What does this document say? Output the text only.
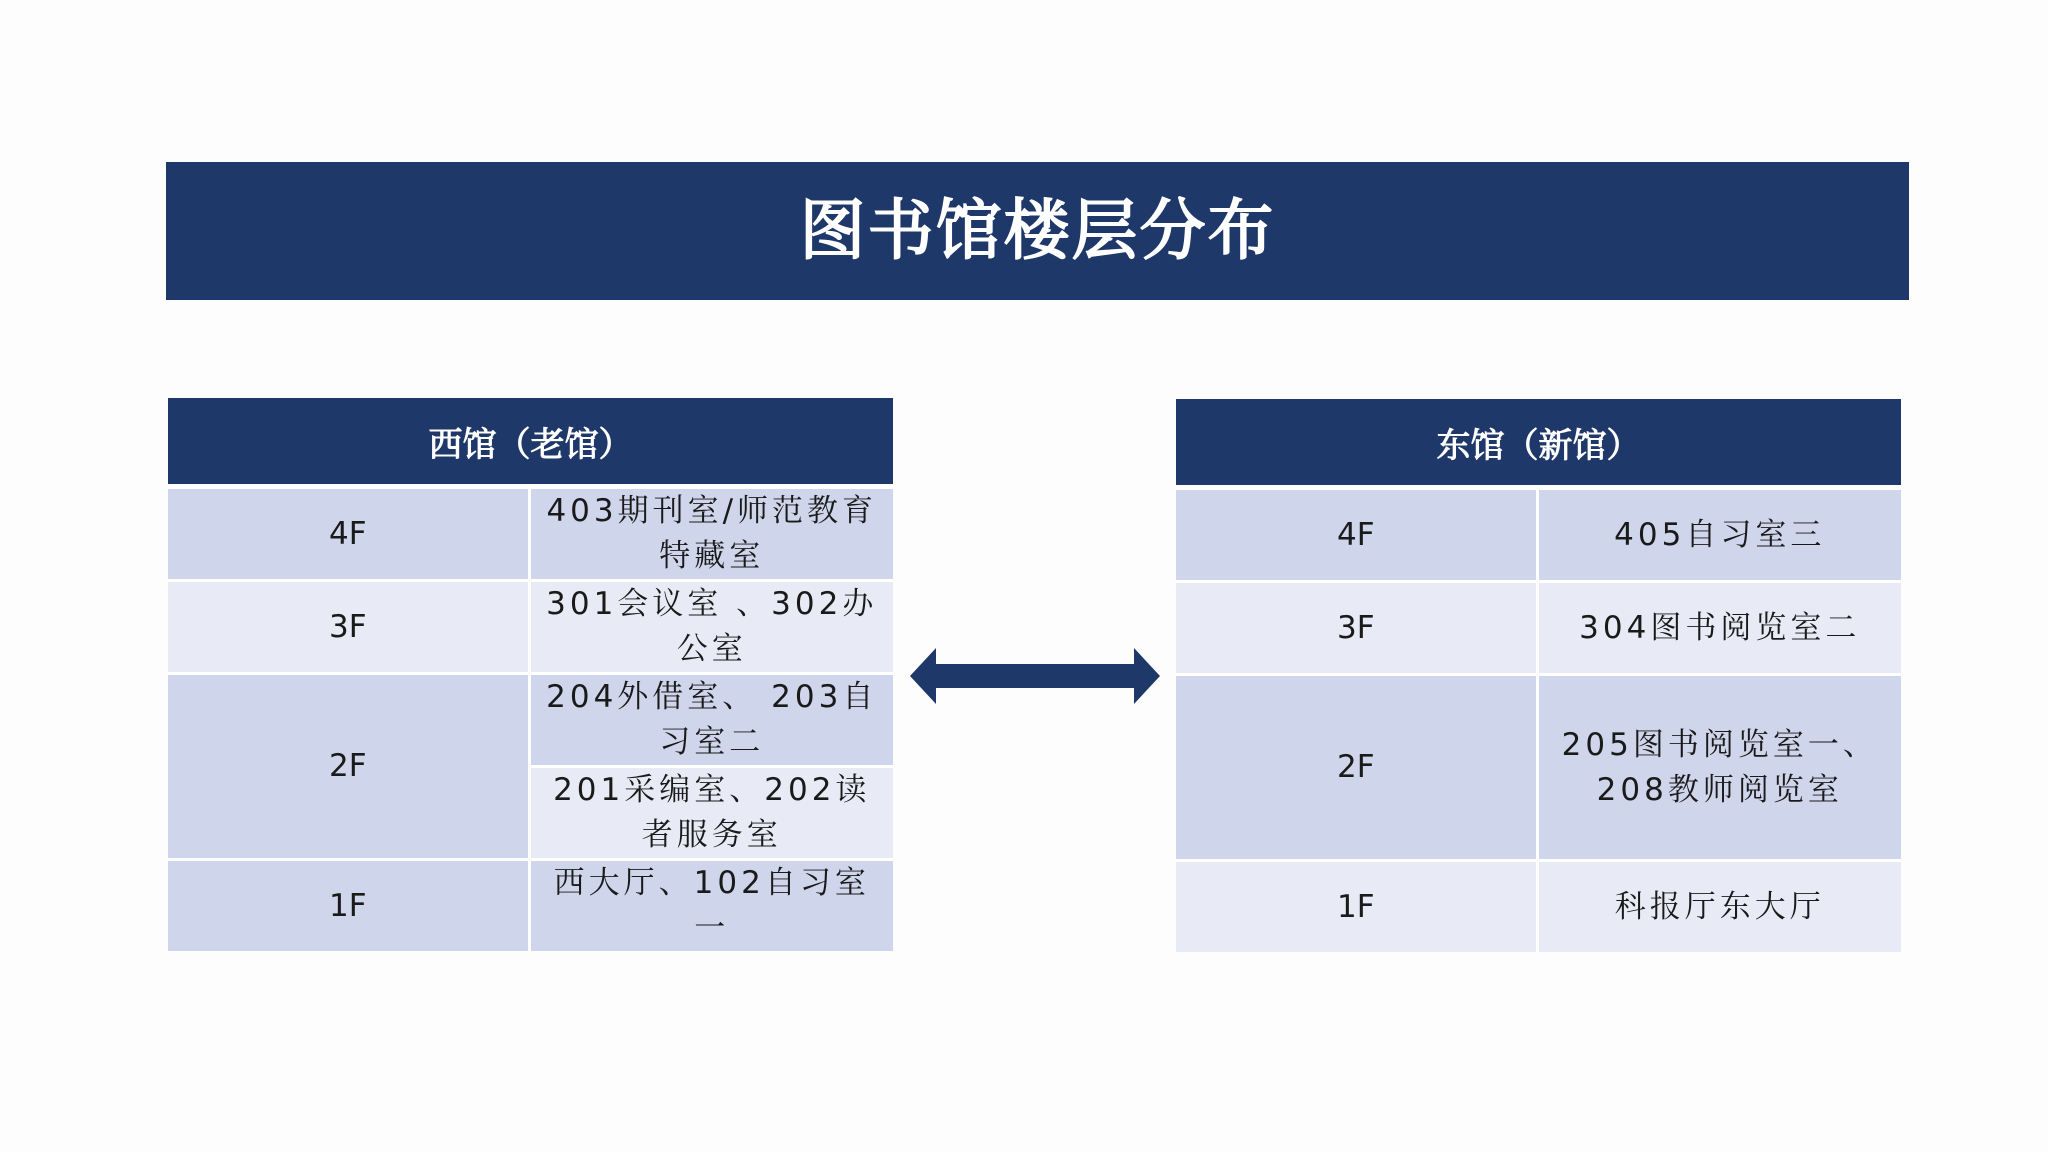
图书馆楼层分布
西馆（老馆）	
4F	403期刊室/师范教育特藏室
3F	301会议室 、302办公室
2F	204外借室、 203自习室二
	201采编室、202读者服务室
1F	西大厅、102自习室一
东馆（新馆）	
4F	405自习室三
3F	304图书阅览室二
2F	205图书阅览室一、208教师阅览室
1F	科报厅东大厅
